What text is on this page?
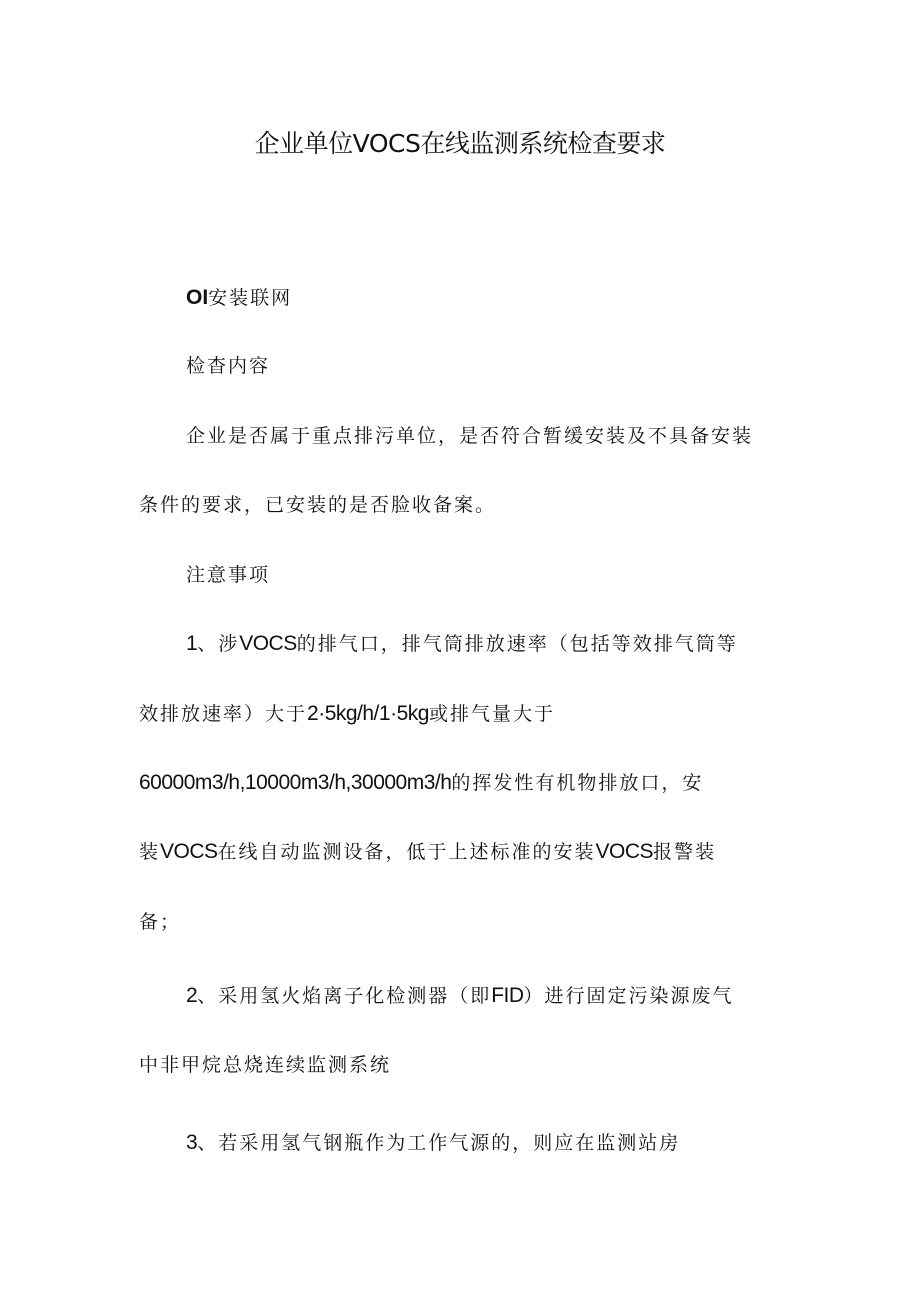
企业单位VOCS在线监测系统检查要求
OI安装联网
检杳内容
企业是否属于重点排污单位，是否符合暂缓安装及不具备安装
条件的要求，已安装的是否脸收备案。
注意事项
1、涉VOCS的排气口，排气筒排放速率（包括等效排气筒等
效排放速率）大于2·5kg/h/1·5kg或排气量大于
60000m3/h,10000m3/h,30000m3/h的挥发性有机物排放口，安
装VOCS在线自动监测设备，低于上述标准的安装VOCS报警装
备；
2、采用氢火焰离子化检测器（即FID）进行固定污染源废气
中非甲烷总烧连续监测系统
3、若采用氢气钢瓶作为工作气源的，则应在监测站房
